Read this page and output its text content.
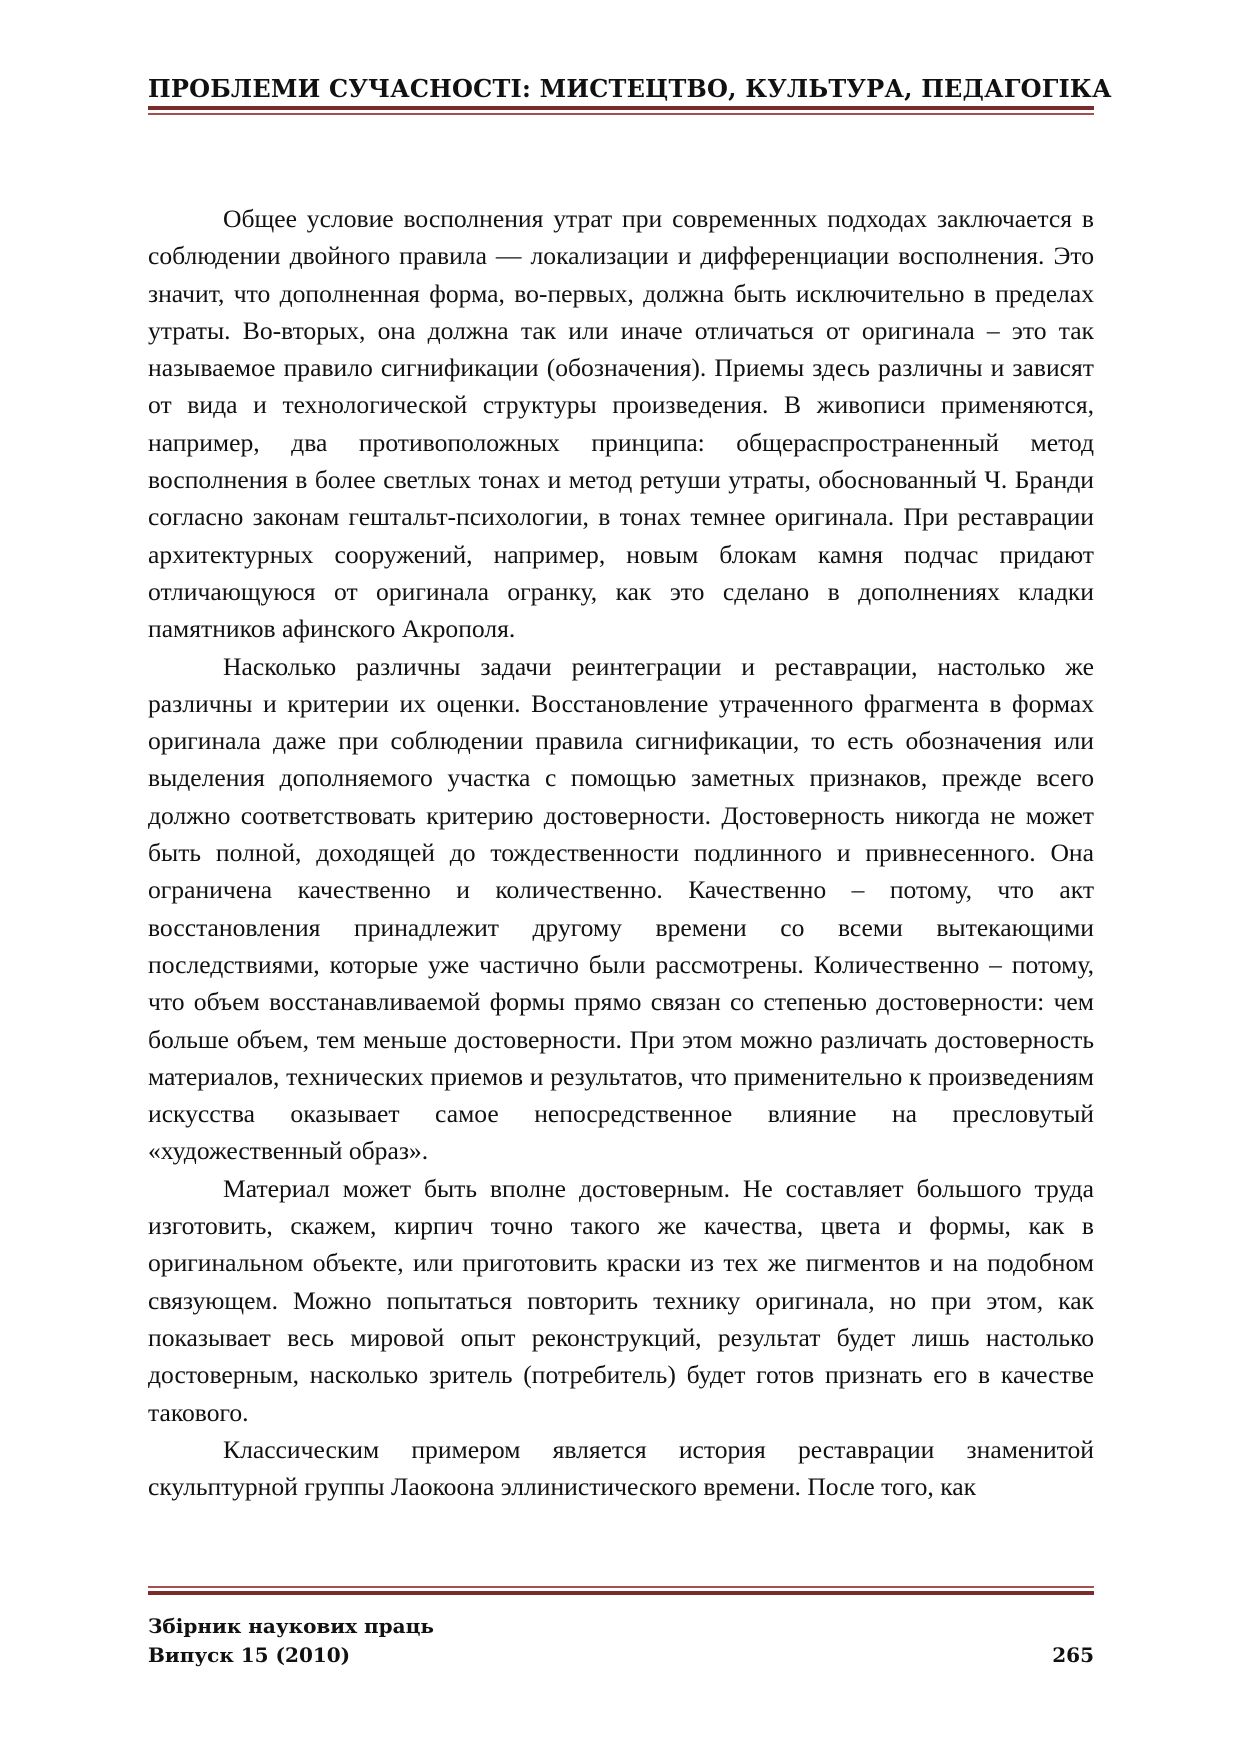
ПРОБЛЕМИ СУЧАСНОСТІ: МИСТЕЦТВО, КУЛЬТУРА, ПЕДАГОГІКА

Общее условие восполнения утрат при современных подходах заключается в соблюдении двойного правила — локализации и дифференциации восполнения. Это значит, что дополненная форма, во-первых, должна быть исключительно в пределах утраты. Во-вторых, она должна так или иначе отличаться от оригинала – это так называемое правило сигнификации (обозначения). Приемы здесь различны и зависят от вида и технологической структуры произведения. В живописи применяются, например, два противоположных принципа: общераспространенный метод восполнения в более светлых тонах и метод ретуши утраты, обоснованный Ч. Бранди согласно законам гештальт-психологии, в тонах темнее оригинала. При реставрации архитектурных сооружений, например, новым блокам камня подчас придают отличающуюся от оригинала огранку, как это сделано в дополнениях кладки памятников афинского Акрополя.

Насколько различны задачи реинтеграции и реставрации, настолько же различны и критерии их оценки. Восстановление утраченного фрагмента в формах оригинала даже при соблюдении правила сигнификации, то есть обозначения или выделения дополняемого участка с помощью заметных признаков, прежде всего должно соответствовать критерию достоверности. Достоверность никогда не может быть полной, доходящей до тождественности подлинного и привнесенного. Она ограничена качественно и количественно. Качественно – потому, что акт восстановления принадлежит другому времени со всеми вытекающими последствиями, которые уже частично были рассмотрены. Количественно – потому, что объем восстанавливаемой формы прямо связан со степенью достоверности: чем больше объем, тем меньше достоверности. При этом можно различать достоверность материалов, технических приемов и результатов, что применительно к произведениям искусства оказывает самое непосредственное влияние на пресловутый «художественный образ».

Материал может быть вполне достоверным. Не составляет большого труда изготовить, скажем, кирпич точно такого же качества, цвета и формы, как в оригинальном объекте, или приготовить краски из тех же пигментов и на подобном связующем. Можно попытаться повторить технику оригинала, но при этом, как показывает весь мировой опыт реконструкций, результат будет лишь настолько достоверным, насколько зритель (потребитель) будет готов признать его в качестве такового.

Классическим примером является история реставрации знаменитой скульптурной группы Лаокоона эллинистического времени. После того, как

Збірник наукових праць
Випуск 15 (2010)	265
